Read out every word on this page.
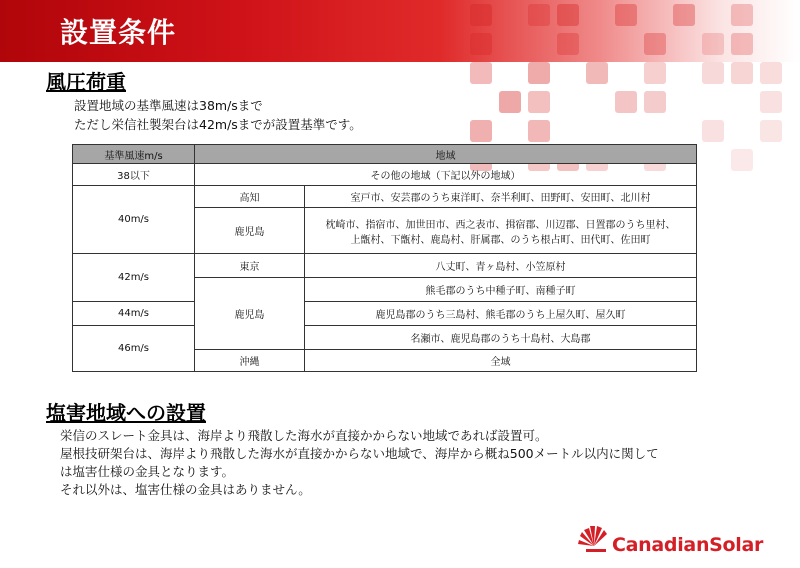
設置条件
風圧荷重
設置地域の基準風速は38m/sまで
ただし栄信社製架台は42m/sまでが設置基準です。
基準風速m/s	地域	
38以下	その他の地域（下記以外の地域）	
40m/s	高知	室戸市、安芸郡のうち東洋町、奈半利町、田野町、安田町、北川村
	鹿児島	枕崎市、指宿市、加世田市、西之表市、揖宿郡、川辺郡、日置郡のうち里村、
上甑村、下甑村、鹿島村、肝属郡、のうち根占町、田代町、佐田町

42m/s	東京	八丈町、青ヶ島村、小笠原村
	鹿児島	熊毛郡のうち中種子町、南種子町
44m/s		鹿児島郡のうち三島村、熊毛郡のうち上屋久町、屋久町
46m/s		名瀬市、鹿児島郡のうち十島村、大島郡
	沖縄	全域
塩害地域への設置
栄信のスレート金具は、海岸より飛散した海水が直接かからない地域であれば設置可。
屋根技研架台は、海岸より飛散した海水が直接かからない地域で、海岸から概ね500メートル以内に関して
は塩害仕様の金具となります。
それ以外は、塩害仕様の金具はありません。
CanadianSolar
